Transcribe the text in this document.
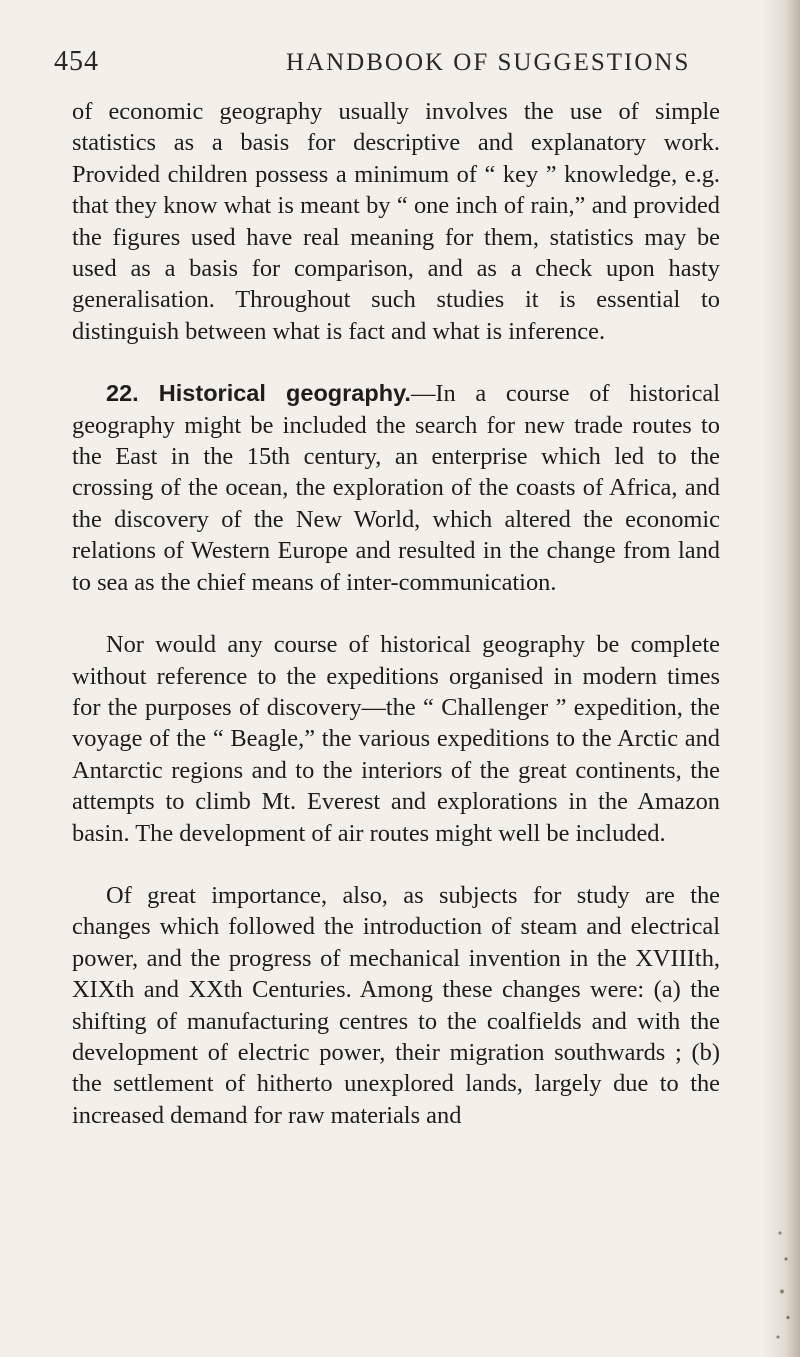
454	HANDBOOK OF SUGGESTIONS

of economic geography usually involves the use of simple statistics as a basis for descriptive and explanatory work. Provided children possess a minimum of “ key ” knowledge, e.g. that they know what is meant by “ one inch of rain,” and provided the figures used have real meaning for them, statistics may be used as a basis for comparison, and as a check upon hasty generalisation. Throughout such studies it is essential to distinguish between what is fact and what is inference.

22. Historical geography.—In a course of historical geography might be included the search for new trade routes to the East in the 15th century, an enterprise which led to the crossing of the ocean, the exploration of the coasts of Africa, and the discovery of the New World, which altered the economic relations of Western Europe and resulted in the change from land to sea as the chief means of inter-communication.

Nor would any course of historical geography be complete without reference to the expeditions organised in modern times for the purposes of discovery—the “ Challenger ” expedition, the voyage of the “ Beagle,” the various expeditions to the Arctic and Antarctic regions and to the interiors of the great continents, the attempts to climb Mt. Everest and explorations in the Amazon basin. The development of air routes might well be included.

Of great importance, also, as subjects for study are the changes which followed the introduction of steam and electrical power, and the progress of mechanical invention in the XVIIIth, XIXth and XXth Centuries. Among these changes were: (a) the shifting of manufacturing centres to the coalfields and with the development of electric power, their migration southwards ; (b) the settlement of hitherto unexplored lands, largely due to the increased demand for raw materials and
